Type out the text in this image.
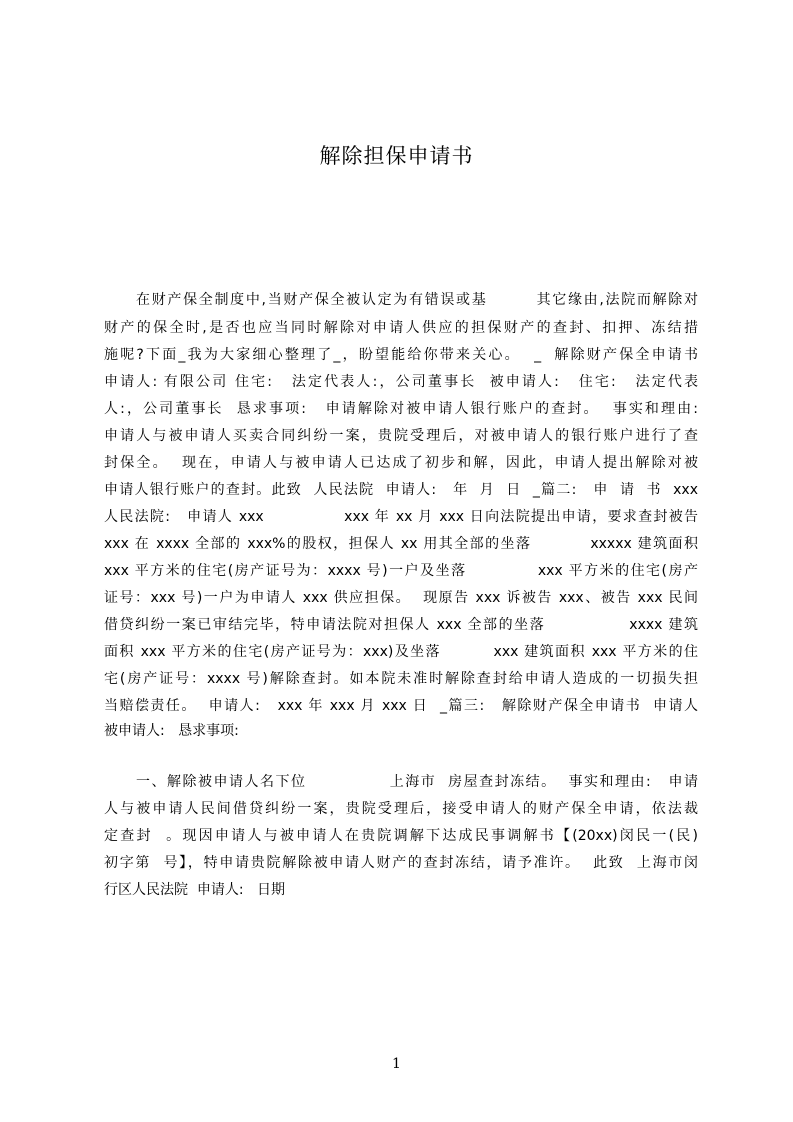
解除担保申请书
在财产保全制度中,当财产保全被认定为有错误或基        其它缘由,法院而解除对
财产的保全时,是否也应当同时解除对申请人供应的担保财产的查封、扣押、冻结措
施呢?下面_我为大家细心整理了_，盼望能给你带来关心。  _  解除财产保全申请书
申请人: 有限公司 住宅:   法定代表人:，公司董事长  被申请人:   住宅:   法定代表
人:，公司董事长  恳求事项:   申请解除对被申请人银行账户的查封。  事实和理由:
申请人与被申请人买卖合同纠纷一案，贵院受理后，对被申请人的银行账户进行了查
封保全。  现在，申请人与被申请人已达成了初步和解，因此，申请人提出解除对被
申请人银行账户的查封。此致  人民法院  申请人:   年  月  日  _篇二:   申  请  书  xxx
人民法院:   申请人 xxx              xxx 年 xx 月 xxx 日向法院提出申请，要求查封被告
xxx 在 xxxx 全部的 xxx%的股权，担保人 xx 用其全部的坐落          xxxxx 建筑面积
xxx 平方米的住宅(房产证号为：xxxx 号)一户及坐落            xxx 平方米的住宅(房产
证号：xxx 号)一户为申请人 xxx 供应担保。  现原告 xxx 诉被告 xxx、被告 xxx 民间
借贷纠纷一案已审结完毕，特申请法院对担保人 xxx 全部的坐落              xxxx 建筑
面积 xxx 平方米的住宅(房产证号为：xxx)及坐落         xxx 建筑面积 xxx 平方米的住
宅(房产证号：xxxx 号)解除查封。如本院未准时解除查封给申请人造成的一切损失担
当赔偿责任。  申请人:   xxx 年 xxx 月 xxx 日  _篇三:   解除财产保全申请书  申请人
被申请人:   恳求事项:
一、解除被申请人名下位              上海市  房屋查封冻结。  事实和理由:   申请
人与被申请人民间借贷纠纷一案，贵院受理后，接受申请人的财产保全申请，依法裁
定查封  。现因申请人与被申请人在贵院调解下达成民事调解书【(20xx)闵民一(民)
初字第  号】，特申请贵院解除被申请人财产的查封冻结，请予准许。  此致  上海市闵
行区人民法院  申请人:   日期
1
